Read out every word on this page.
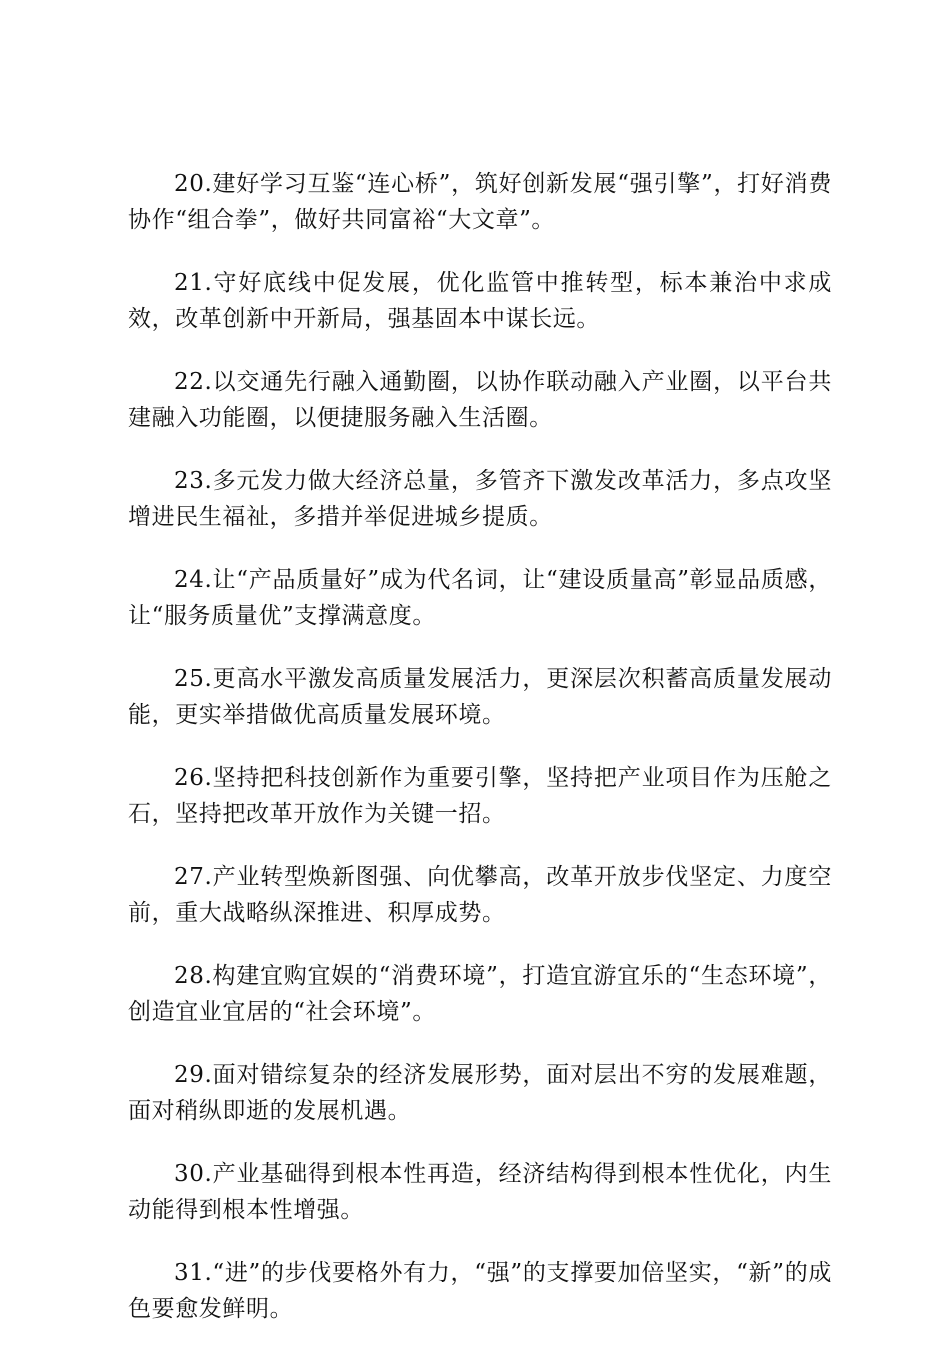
20.建好学习互鉴“连心桥”，筑好创新发展“强引擎”，打好消费协作“组合拳”，做好共同富裕“大文章”。

21.守好底线中促发展，优化监管中推转型，标本兼治中求成效，改革创新中开新局，强基固本中谋长远。

22.以交通先行融入通勤圈，以协作联动融入产业圈，以平台共建融入功能圈，以便捷服务融入生活圈。

23.多元发力做大经济总量，多管齐下激发改革活力，多点攻坚增进民生福祉，多措并举促进城乡提质。

24.让“产品质量好”成为代名词，让“建设质量高”彰显品质感，让“服务质量优”支撑满意度。

25.更高水平激发高质量发展活力，更深层次积蓄高质量发展动能，更实举措做优高质量发展环境。

26.坚持把科技创新作为重要引擎，坚持把产业项目作为压舱之石，坚持把改革开放作为关键一招。

27.产业转型焕新图强、向优攀高，改革开放步伐坚定、力度空前，重大战略纵深推进、积厚成势。

28.构建宜购宜娱的“消费环境”，打造宜游宜乐的“生态环境”，创造宜业宜居的“社会环境”。

29.面对错综复杂的经济发展形势，面对层出不穷的发展难题，面对稍纵即逝的发展机遇。

30.产业基础得到根本性再造，经济结构得到根本性优化，内生动能得到根本性增强。

31.“进”的步伐要格外有力，“强”的支撑要加倍坚实，“新”的成色要愈发鲜明。
